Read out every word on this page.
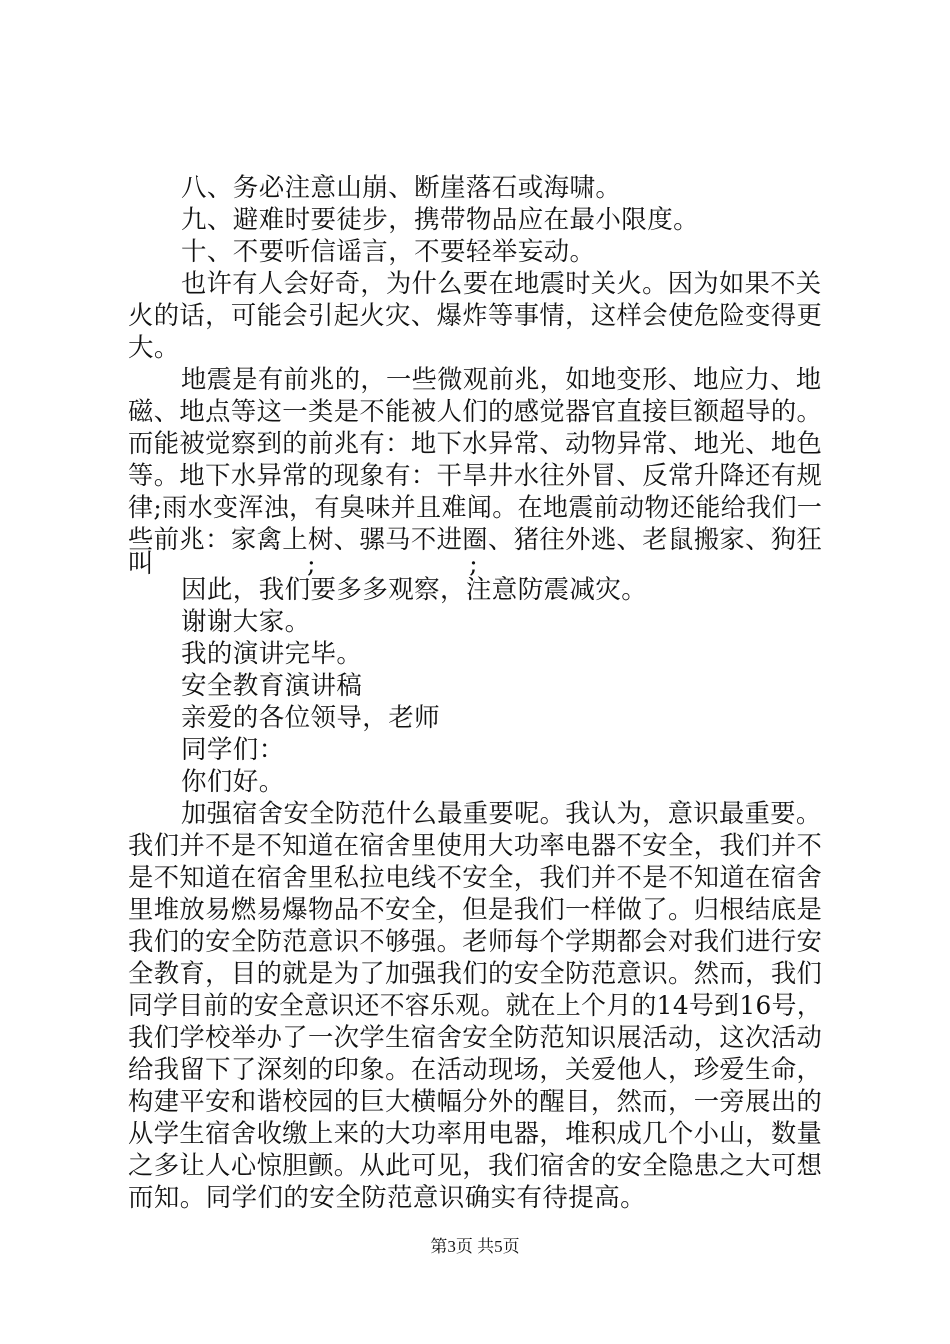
八、务必注意山崩、断崖落石或海啸。
九、避难时要徒步，携带物品应在最小限度。
十、不要听信谣言，不要轻举妄动。
也许有人会好奇，为什么要在地震时关火。因为如果不关
火的话，可能会引起火灾、爆炸等事情，这样会使危险变得更
大。
地震是有前兆的，一些微观前兆，如地变形、地应力、地
磁、地点等这一类是不能被人们的感觉器官直接巨额超导的。
而能被觉察到的前兆有：地下水异常、动物异常、地光、地色
等。地下水异常的现象有：干旱井水往外冒、反常升降还有规
律;雨水变浑浊，有臭味并且难闻。在地震前动物还能给我们一
些前兆：家禽上树、骡马不进圈、猪往外逃、老鼠搬家、狗狂
叫                  ;                  ;
因此，我们要多多观察，注意防震减灾。
谢谢大家。
我的演讲完毕。
安全教育演讲稿
亲爱的各位领导，老师
同学们：
你们好。
加强宿舍安全防范什么最重要呢。我认为，意识最重要。
我们并不是不知道在宿舍里使用大功率电器不安全，我们并不
是不知道在宿舍里私拉电线不安全，我们并不是不知道在宿舍
里堆放易燃易爆物品不安全，但是我们一样做了。归根结底是
我们的安全防范意识不够强。老师每个学期都会对我们进行安
全教育，目的就是为了加强我们的安全防范意识。然而，我们
同学目前的安全意识还不容乐观。就在上个月的14号到16号，
我们学校举办了一次学生宿舍安全防范知识展活动，这次活动
给我留下了深刻的印象。在活动现场，关爱他人，珍爱生命，
构建平安和谐校园的巨大横幅分外的醒目，然而，一旁展出的
从学生宿舍收缴上来的大功率用电器，堆积成几个小山，数量
之多让人心惊胆颤。从此可见，我们宿舍的安全隐患之大可想
而知。同学们的安全防范意识确实有待提高。
第3页 共5页
